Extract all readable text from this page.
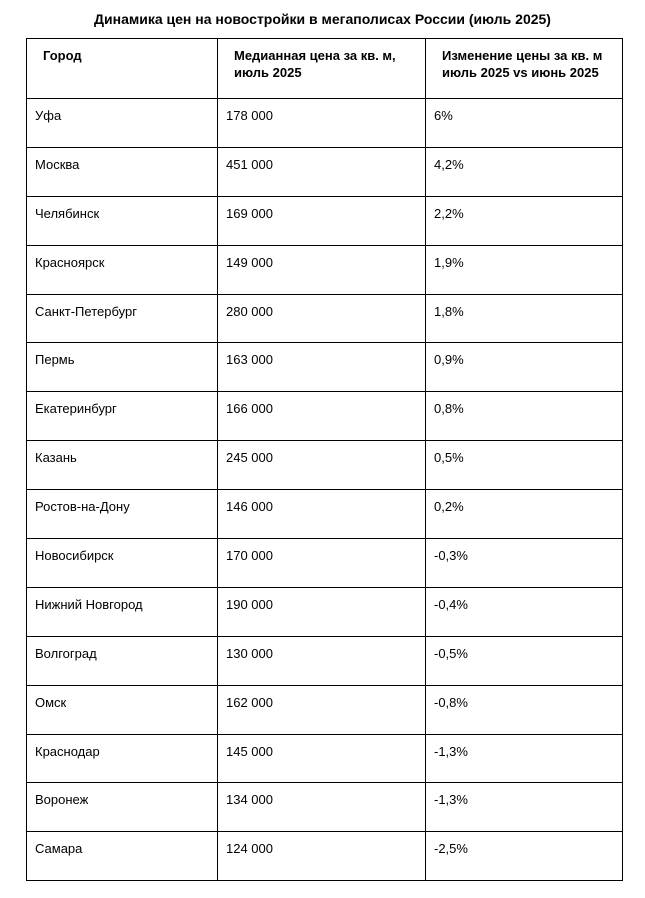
Динамика цен на новостройки в мегаполисах России (июль 2025)
Город	Медианная цена за кв. м, июль 2025	Изменение цены за кв. м июль 2025 vs июнь 2025
Уфа	178 000	6%
Москва	451 000	4,2%
Челябинск	169 000	2,2%
Красноярск	149 000	1,9%
Санкт-Петербург	280 000	1,8%
Пермь	163 000	0,9%
Екатеринбург	166 000	0,8%
Казань	245 000	0,5%
Ростов-на-Дону	146 000	0,2%
Новосибирск	170 000	-0,3%
Нижний Новгород	190 000	-0,4%
Волгоград	130 000	-0,5%
Омск	162 000	-0,8%
Краснодар	145 000	-1,3%
Воронеж	134 000	-1,3%
Самара	124 000	-2,5%
